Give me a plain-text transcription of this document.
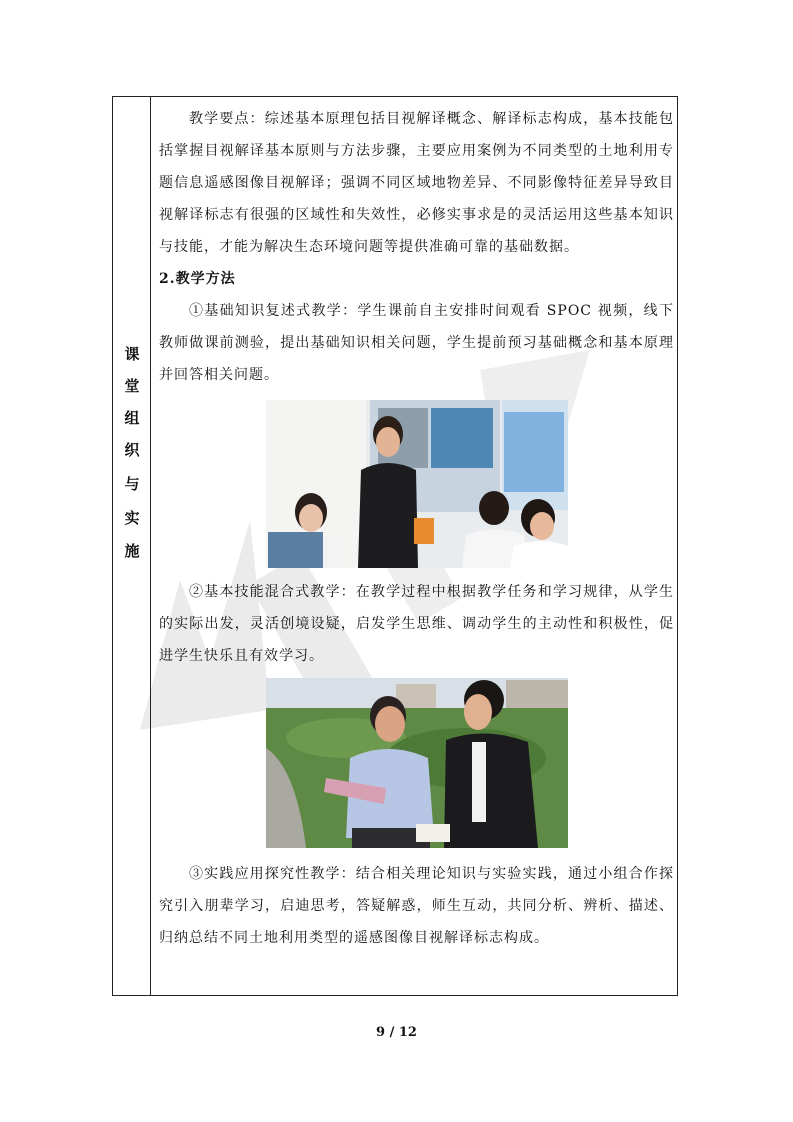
课
堂
组
织
与
实
施

教学要点：综述基本原理包括目视解译概念、解译标志构成，基本技能包括掌握目视解译基本原则与方法步骤，主要应用案例为不同类型的土地利用专题信息遥感图像目视解译；强调不同区域地物差异、不同影像特征差异导致目视解译标志有很强的区域性和失效性，必修实事求是的灵活运用这些基本知识与技能，才能为解决生态环境问题等提供准确可靠的基础数据。

2.教学方法

①基础知识复述式教学：学生课前自主安排时间观看 SPOC 视频，线下教师做课前测验，提出基础知识相关问题，学生提前预习基础概念和基本原理并回答相关问题。

②基本技能混合式教学：在教学过程中根据教学任务和学习规律，从学生的实际出发，灵活创境设疑，启发学生思维、调动学生的主动性和积极性，促进学生快乐且有效学习。

③实践应用探究性教学：结合相关理论知识与实验实践，通过小组合作探究引入朋辈学习，启迪思考，答疑解惑，师生互动，共同分析、辨析、描述、归纳总结不同土地利用类型的遥感图像目视解译标志构成。

9 / 12
